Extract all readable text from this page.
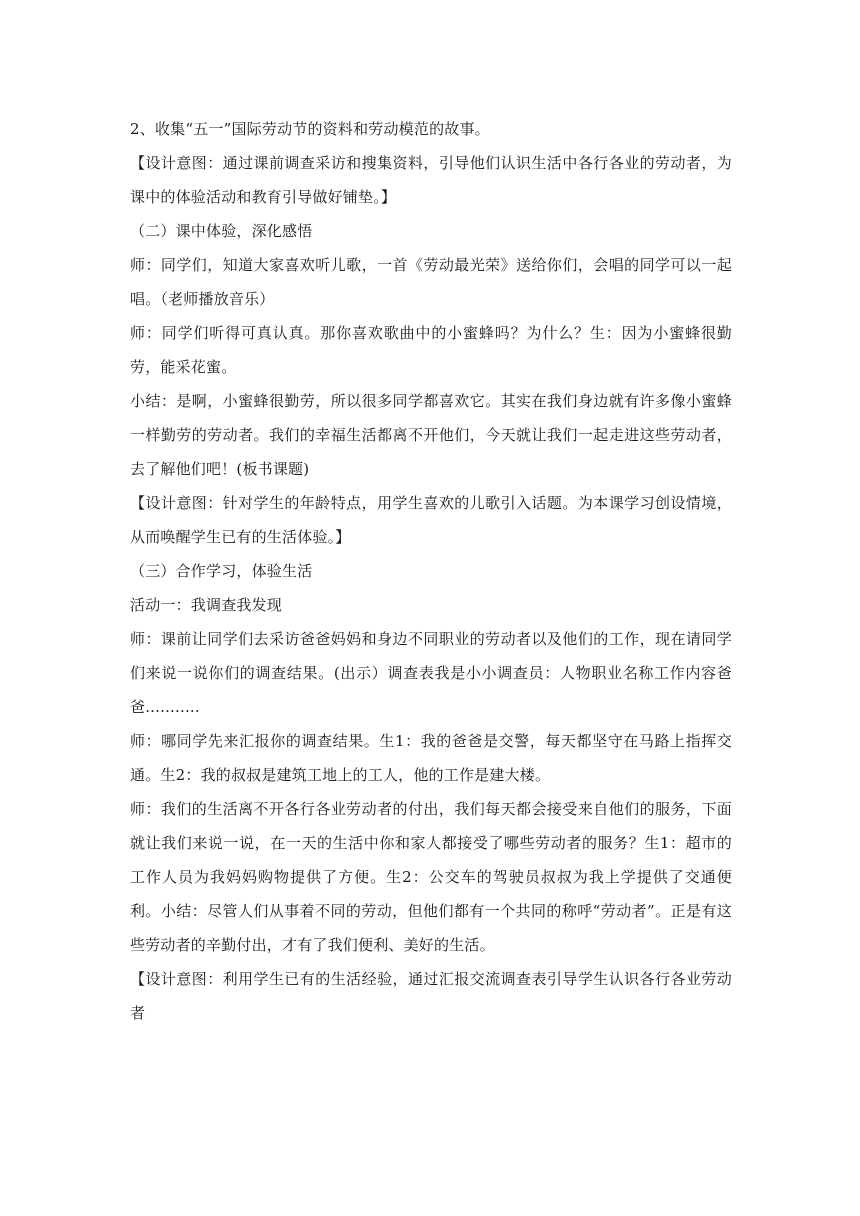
2、收集“五一”国际劳动节的资料和劳动模范的故事。

【设计意图：通过课前调查采访和搜集资料，引导他们认识生活中各行各业的劳动者，为课中的体验活动和教育引导做好铺垫。】

（二）课中体验，深化感悟

师：同学们，知道大家喜欢听儿歌，一首《劳动最光荣》送给你们，会唱的同学可以一起唱。（老师播放音乐）

师：同学们听得可真认真。那你喜欢歌曲中的小蜜蜂吗？为什么？生：因为小蜜蜂很勤劳，能采花蜜。

小结：是啊，小蜜蜂很勤劳，所以很多同学都喜欢它。其实在我们身边就有许多像小蜜蜂一样勤劳的劳动者。我们的幸福生活都离不开他们，今天就让我们一起走进这些劳动者，去了解他们吧！(板书课题)

【设计意图：针对学生的年龄特点，用学生喜欢的儿歌引入话题。为本课学习创设情境，从而唤醒学生已有的生活体验。】

（三）合作学习，体验生活

活动一：我调查我发现

师：课前让同学们去采访爸爸妈妈和身边不同职业的劳动者以及他们的工作，现在请同学们来说一说你们的调查结果。(出示）调查表我是小小调查员：人物职业名称工作内容爸爸...........

师：哪同学先来汇报你的调查结果。生1：我的爸爸是交警，每天都坚守在马路上指挥交通。生2：我的叔叔是建筑工地上的工人，他的工作是建大楼。

师：我们的生活离不开各行各业劳动者的付出，我们每天都会接受来自他们的服务，下面就让我们来说一说，在一天的生活中你和家人都接受了哪些劳动者的服务？生1：超市的工作人员为我妈妈购物提供了方便。生2：公交车的驾驶员叔叔为我上学提供了交通便利。小结：尽管人们从事着不同的劳动，但他们都有一个共同的称呼“劳动者”。正是有这些劳动者的辛勤付出，才有了我们便利、美好的生活。

【设计意图：利用学生已有的生活经验，通过汇报交流调查表引导学生认识各行各业劳动者
